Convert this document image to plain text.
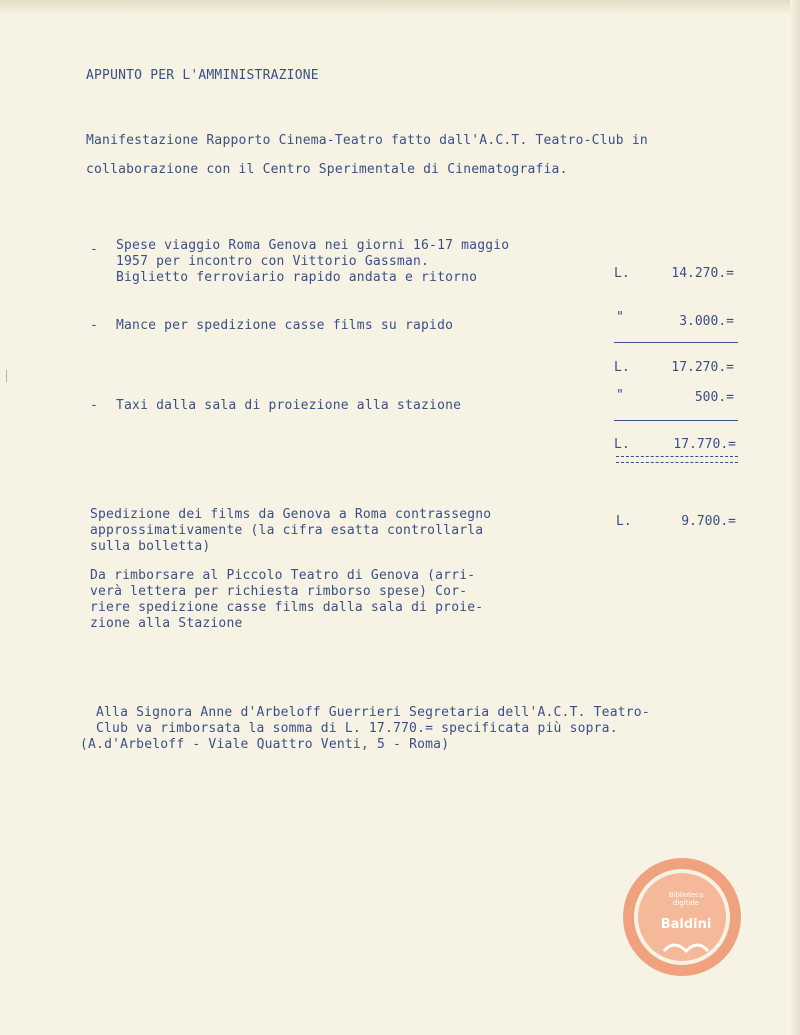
APPUNTO PER L'AMMINISTRAZIONE
Manifestazione Rapporto Cinema-Teatro fatto dall'A.C.T. Teatro-Club in
collaborazione con il Centro Sperimentale di Cinematografia.
- Spese viaggio Roma Genova nei giorni 16-17 maggio
1957 per incontro con Vittorio Gassman.
Biglietto ferroviario rapido andata e ritorno	L.	14.270.=
- Mance per spedizione casse films su rapido
"	3.000.=
L.	17.270.=
- Taxi dalla sala di proiezione alla stazione
"	500.=
L.	17.770.=
Spedizione dei films da Genova a Roma contrassegno
approssimativamente (la cifra esatta controllarla
sulla bolletta)
L.	9.700.=
Da rimborsare al Piccolo Teatro di Genova (arri-
verà lettera per richiesta rimborso spese) Cor-
riere spedizione casse films dalla sala di proie-
zione alla Stazione
Alla Signora Anne d'Arbeloff Guerrieri Segretaria dell'A.C.T. Teatro-
Club va rimborsata la somma di L. 17.770.= specificata più sopra.
(A.d'Arbeloff - Viale Quattro Venti, 5 - Roma)
Biblioteca
digitale
Baldini
